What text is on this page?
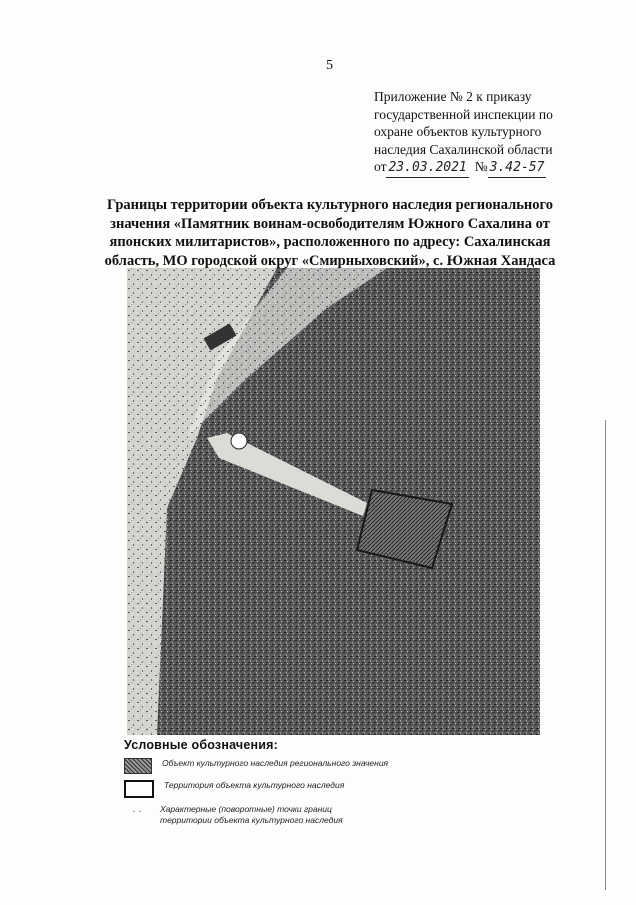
5
Приложение № 2 к приказу
государственной инспекции по
охране объектов культурного
наследия Сахалинской области
от 23.03.2021 № 3.42-57
Границы территории объекта культурного наследия регионального значения «Памятник воинам-освободителям Южного Сахалина от японских милитаристов», расположенного по адресу: Сахалинская область, МО городской округ «Смирныховский», с. Южная Хандаса
Условные обозначения:
Объект культурного наследия регионального значения
Территория объекта культурного наследия
· ·	Характерные (поворотные) точки границ территории объекта культурного наследия
